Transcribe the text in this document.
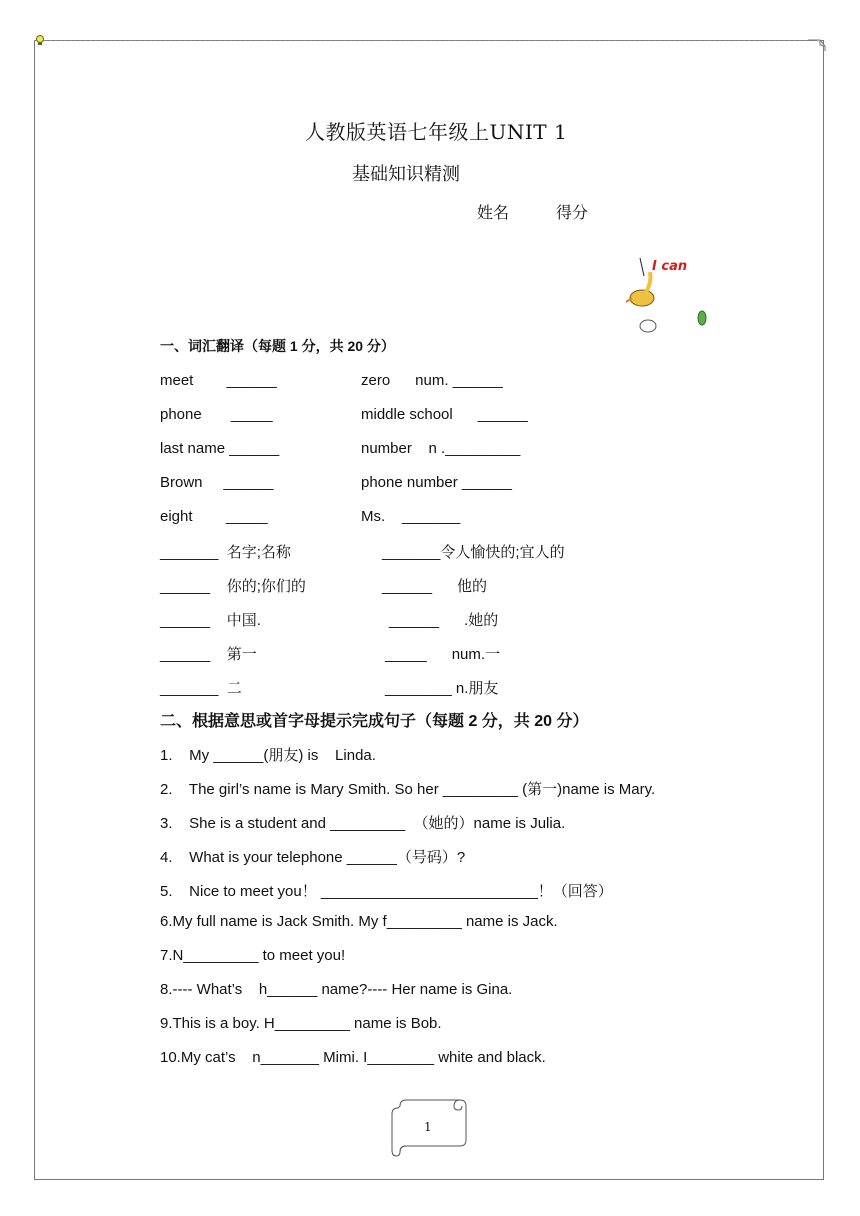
人教版英语七年级上UNIT 1
基础知识精测
姓名	得分
I can
一、词汇翻译（每题 1 分，共 20 分）
meet        ______	zero      num. ______
phone       _____	middle school      ______
last name ______	number    n ._________
Brown     ______	phone number ______
eight        _____	Ms.    _______
_______  名字;名称	_______令人愉快的;宜人的
______    你的;你们的	______      他的
______    中国.	______      .她的
______    第一	_____      num.一
_______  二	________ n.朋友
二、根据意思或首字母提示完成句子（每题 2 分，共 20 分）
1.    My ______(朋友) is    Linda.
2.    The girl’s name is Mary Smith. So her _________ (第一)name is Mary.
3.    She is a student and _________  （她的）name is Julia.
4.    What is your telephone ______（号码）?
5.    Nice to meet you！ __________________________！（回答）
6.My full name is Jack Smith. My f_________ name is Jack.
7.N_________ to meet you!
8.---- What’s    h______ name?---- Her name is Gina.
9.This is a boy. H_________ name is Bob.
10.My cat’s    n_______ Mimi. I________ white and black.
1
